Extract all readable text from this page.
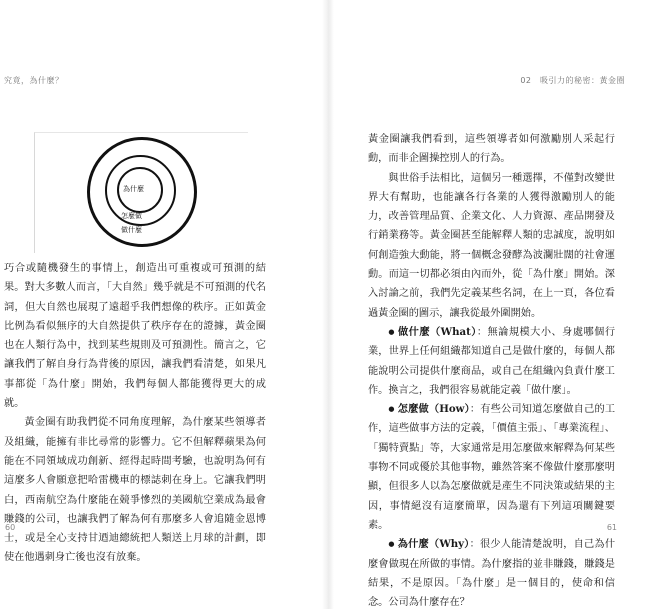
究竟，為什麼？
為什麼
怎麼做
做什麼

巧合或隨機發生的事情上，創造出可重複或可預測的結果。對大多數人而言，「大自然」幾乎就是不可預測的代名詞，但大自然也展現了遠超乎我們想像的秩序。正如黃金比例為看似無序的大自然提供了秩序存在的證據，黃金圈也在人類行為中，找到某些規則及可預測性。簡言之，它讓我們了解自身行為背後的原因，讓我們看清楚，如果凡事都從「為什麼」開始，我們每個人都能獲得更大的成就。

黃金圈有助我們從不同角度理解，為什麼某些領導者及組織，能擁有非比尋常的影響力。它不但解釋蘋果為何能在不同領域成功創新、經得起時間考驗，也說明為何有這麼多人會願意把哈雷機車的標誌刺在身上。它讓我們明白，西南航空為什麼能在競爭慘烈的美國航空業成為最會賺錢的公司，也讓我們了解為何有那麼多人會追隨金恩博士，或是全心支持甘迺迪總統把人類送上月球的計劃，即使在他遇刺身亡後也沒有放棄。

60
02　吸引力的秘密：黃金圈

黃金圈讓我們看到，這些領導者如何激勵別人采起行動，而非企圖操控別人的行為。

與世俗手法相比，這個另一種選擇，不僅對改變世界大有幫助，也能讓各行各業的人獲得激勵別人的能力，改善管理品質、企業文化、人力資源、產品開發及行銷業務等。黃金圈甚至能解釋人類的忠誠度，說明如何創造強大動能，將一個概念發酵為波瀾壯闊的社會運動。而這一切都必須由內而外，從「為什麼」開始。深入討論之前，我們先定義某些名詞，在上一頁，各位看過黃金圈的圖示，讓我從最外圍開始。

● 做什麼（What）：無論規模大小、身處哪個行業，世界上任何組織都知道自己是做什麼的，每個人都能說明公司提供什麼商品，或自己在組織內負責什麼工作。換言之，我們很容易就能定義「做什麼」。

● 怎麼做（How）：有些公司知道怎麼做自己的工作，這些做事方法的定義，「價值主張」、「專業流程」、「獨特賣點」等，大家通常是用怎麼做來解釋為何某些事物不同或優於其他事物，雖然答案不像做什麼那麼明顯，但很多人以為怎麼做就是產生不同決策或結果的主因，事情絕沒有這麼簡單，因為還有下列這項關鍵要素。

● 為什麼（Why）：很少人能清楚說明，自己為什麼會做現在所做的事情。為什麼指的並非賺錢，賺錢是結果，不是原因。「為什麼」是一個目的，使命和信念。公司為什麼存在？

61
